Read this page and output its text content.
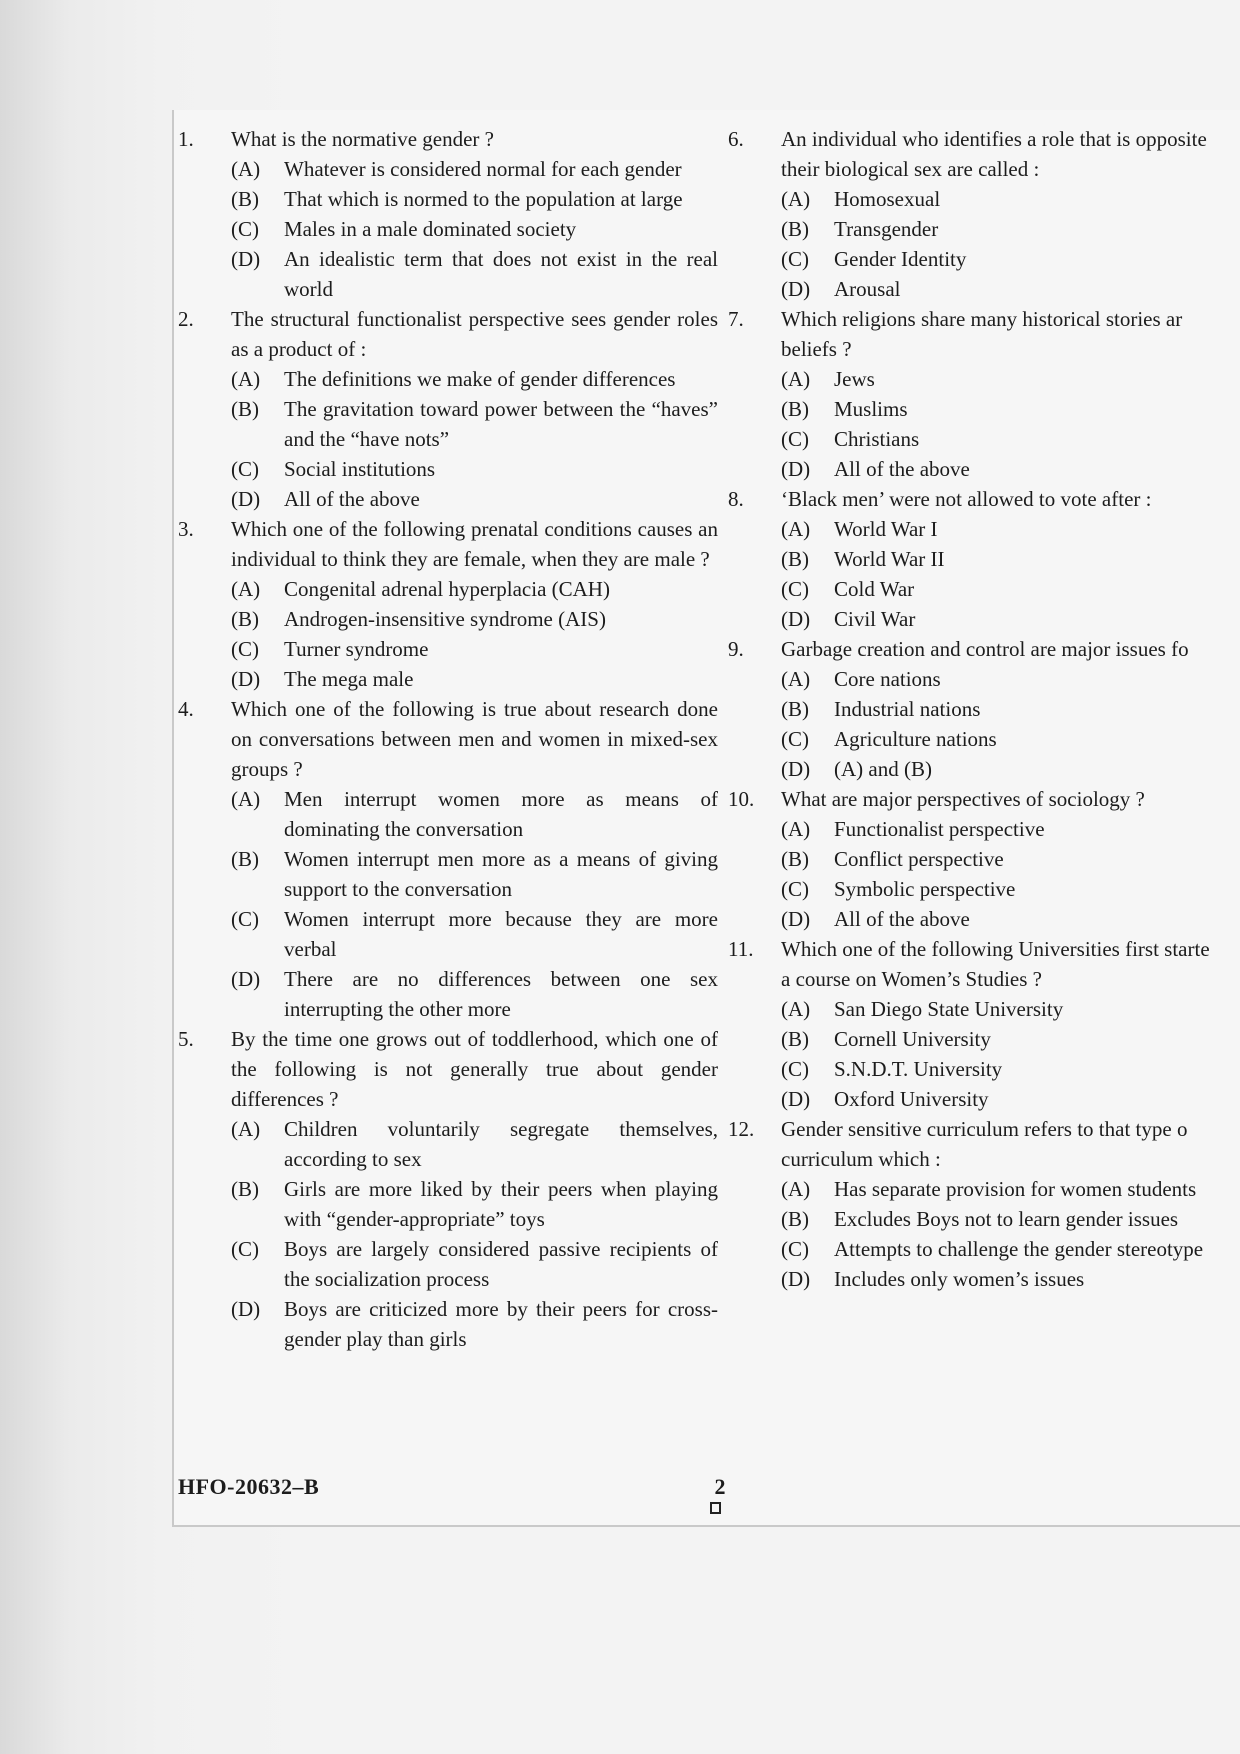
1.	What is the normative gender ?
(A)	Whatever is considered normal for each gender
(B)	That which is normed to the population at large
(C)	Males in a male dominated society
(D)	An idealistic term that does not exist in the real world
2.	The structural functionalist perspective sees gender roles as a product of :
(A)	The definitions we make of gender differences
(B)	The gravitation toward power between the “haves” and the “have nots”
(C)	Social institutions
(D)	All of the above
3.	Which one of the following prenatal conditions causes an individual to think they are female, when they are male ?
(A)	Congenital adrenal hyperplacia (CAH)
(B)	Androgen-insensitive syndrome (AIS)
(C)	Turner syndrome
(D)	The mega male
4.	Which one of the following is true about research done on conversations between men and women in mixed-sex groups ?
(A)	Men interrupt women more as means of dominating the conversation
(B)	Women interrupt men more as a means of giving support to the conversation
(C)	Women interrupt more because they are more verbal
(D)	There are no differences between one sex interrupting the other more
5.	By the time one grows out of toddlerhood, which one of the following is not generally true about gender differences ?
(A)	Children voluntarily segregate themselves, according to sex
(B)	Girls are more liked by their peers when playing with “gender-appropriate” toys
(C)	Boys are largely considered passive recipients of the socialization process
(D)	Boys are criticized more by their peers for cross-gender play than girls
6.	An individual who identifies a role that is opposite
their biological sex are called :
(A)	Homosexual
(B)	Transgender
(C)	Gender Identity
(D)	Arousal
7.	Which religions share many historical stories ar
beliefs ?
(A)	Jews
(B)	Muslims
(C)	Christians
(D)	All of the above
8.	‘Black men’ were not allowed to vote after :
(A)	World War I
(B)	World War II
(C)	Cold War
(D)	Civil War
9.	Garbage creation and control are major issues fo
(A)	Core nations
(B)	Industrial nations
(C)	Agriculture nations
(D)	(A) and (B)
10.	What are major perspectives of sociology ?
(A)	Functionalist perspective
(B)	Conflict perspective
(C)	Symbolic perspective
(D)	All of the above
11.	Which one of the following Universities first starte
a course on Women’s Studies ?
(A)	San Diego State University
(B)	Cornell University
(C)	S.N.D.T. University
(D)	Oxford University
12.	Gender sensitive curriculum refers to that type o
curriculum which :
(A)	Has separate provision for women students
(B)	Excludes Boys not to learn gender issues
(C)	Attempts to challenge the gender stereotype
(D)	Includes only women’s issues
HFO-20632–B	2
